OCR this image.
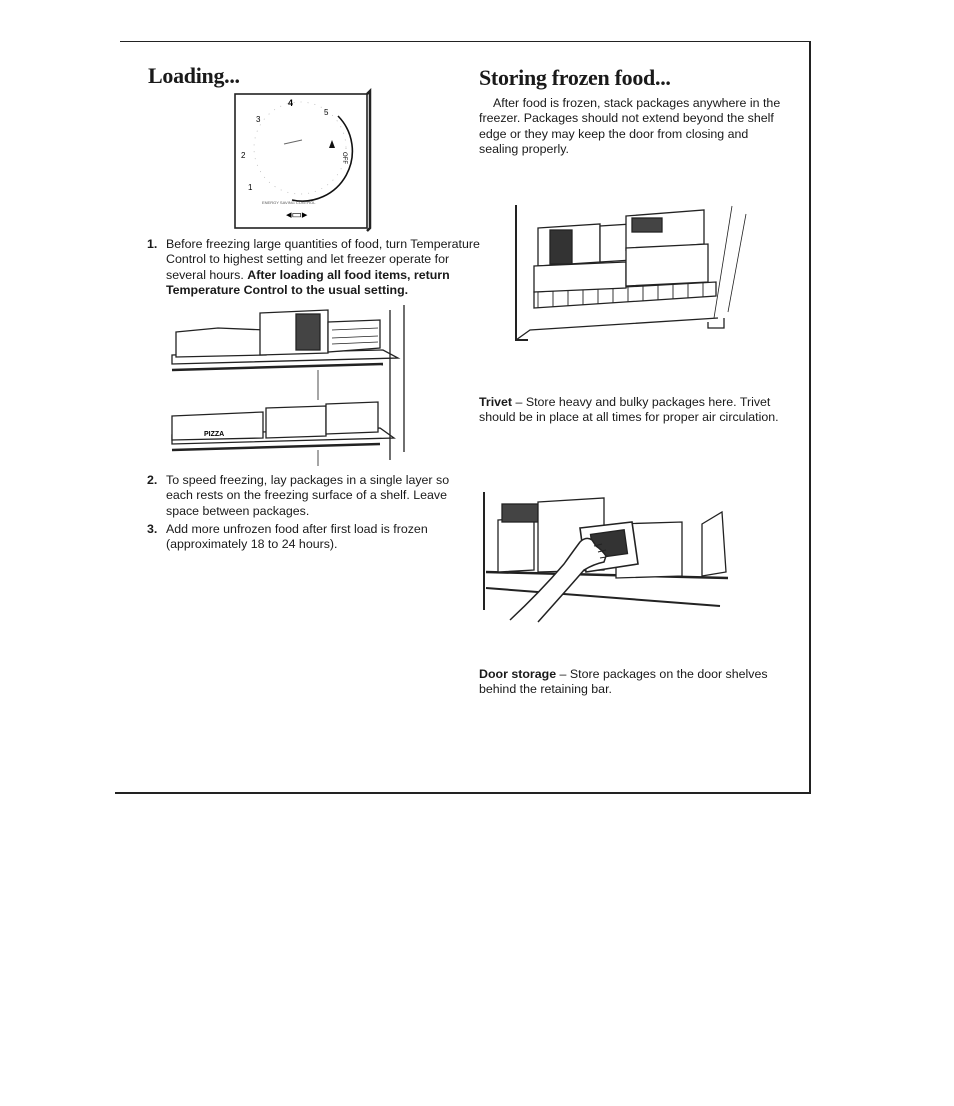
Loading...
4
5
3
2
1
OFF
ENERGY SAVING CONTROL
◂▭▸
1. Before freezing large quantities of food, turn Temperature Control to highest setting and let freezer operate for several hours. After loading all food items, return Temperature Control to the usual setting.
PIZZA
2. To speed freezing, lay packages in a single layer so each rests on the freezing surface of a shelf. Leave space between packages.
3. Add more unfrozen food after first load is frozen (approximately 18 to 24 hours).
Storing frozen food...

After food is frozen, stack packages anywhere in the freezer. Packages should not extend beyond the shelf edge or they may keep the door from closing and sealing properly.

Trivet – Store heavy and bulky packages here. Trivet should be in place at all times for proper air circulation.

Door storage – Store packages on the door shelves behind the retaining bar.
